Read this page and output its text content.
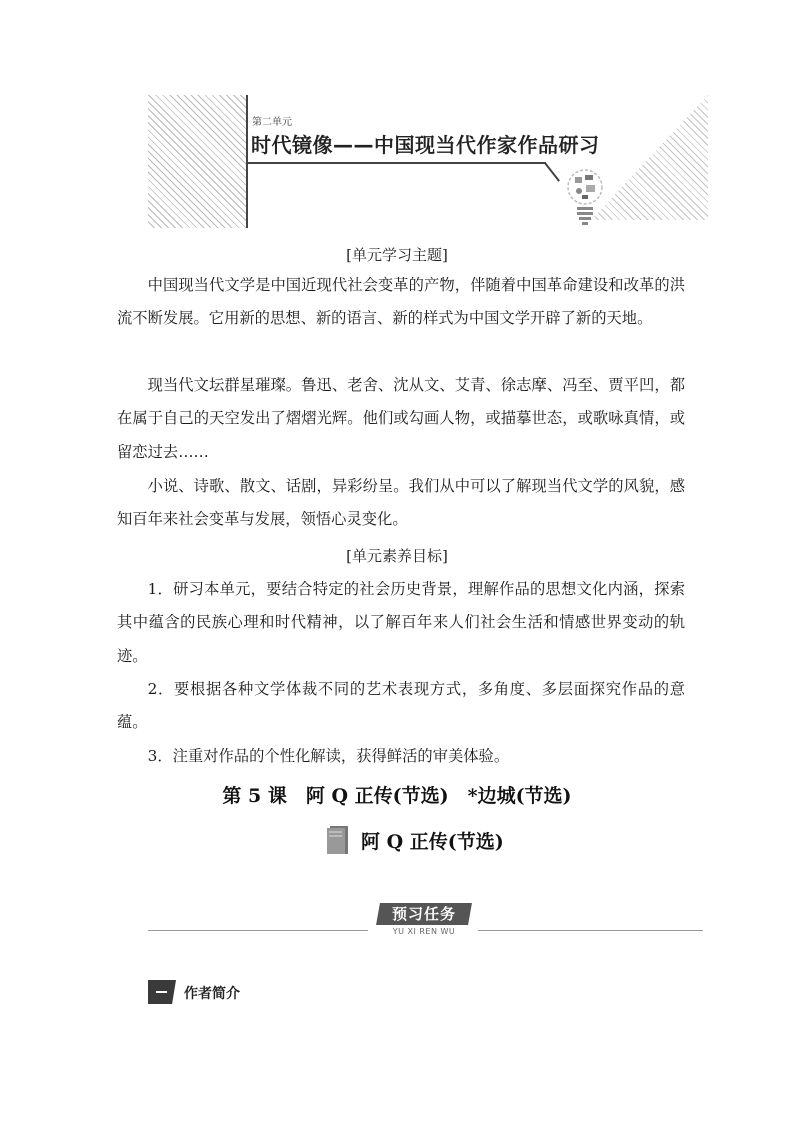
第二单元
时代镜像——中国现当代作家作品研习
[单元学习主题]

中国现当代文学是中国近现代社会变革的产物，伴随着中国革命建设和改革的洪流不断发展。它用新的思想、新的语言、新的样式为中国文学开辟了新的天地。

现当代文坛群星璀璨。鲁迅、老舍、沈从文、艾青、徐志摩、冯至、贾平凹，都在属于自己的天空发出了熠熠光辉。他们或勾画人物，或描摹世态，或歌咏真情，或留恋过去……

小说、诗歌、散文、话剧，异彩纷呈。我们从中可以了解现当代文学的风貌，感知百年来社会变革与发展，领悟心灵变化。

[单元素养目标]

1．研习本单元，要结合特定的社会历史背景，理解作品的思想文化内涵，探索其中蕴含的民族心理和时代精神，以了解百年来人们社会生活和情感世界变动的轨迹。

2．要根据各种文学体裁不同的艺术表现方式，多角度、多层面探究作品的意蕴。

3．注重对作品的个性化解读，获得鲜活的审美体验。

第 5 课　阿 Q 正传(节选)　*边城(节选)
阿 Q 正传(节选)
预习任务
YU XI REN WU
作者简介
